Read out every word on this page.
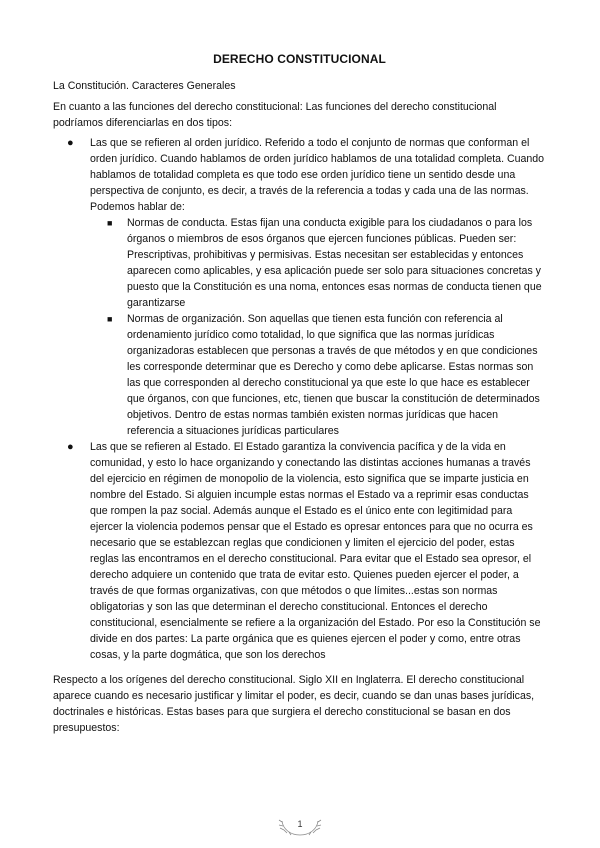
DERECHO CONSTITUCIONAL

La Constitución. Caracteres Generales

En cuanto a las funciones del derecho constitucional: Las funciones del derecho constitucional podríamos diferenciarlas en dos tipos:

● Las que se refieren al orden jurídico. Referido a todo el conjunto de normas que conforman el orden jurídico. Cuando hablamos de orden jurídico hablamos de una totalidad completa. Cuando hablamos de totalidad completa es que todo ese orden jurídico tiene un sentido desde una perspectiva de conjunto, es decir, a través de la referencia a todas y cada una de las normas. Podemos hablar de:
■ Normas de conducta. Estas fijan una conducta exigible para los ciudadanos o para los órganos o miembros de esos órganos que ejercen funciones públicas. Pueden ser: Prescriptivas, prohibitivas y permisivas. Estas necesitan ser establecidas y entonces aparecen como aplicables, y esa aplicación puede ser solo para situaciones concretas y puesto que la Constitución es una noma, entonces esas normas de conducta tienen que garantizarse
■ Normas de organización. Son aquellas que tienen esta función con referencia al ordenamiento jurídico como totalidad, lo que significa que las normas jurídicas organizadoras establecen que personas a través de que métodos y en que condiciones les corresponde determinar que es Derecho y como debe aplicarse. Estas normas son las que corresponden al derecho constitucional ya que este lo que hace es establecer que órganos, con que funciones, etc, tienen que buscar la constitución de determinados objetivos. Dentro de estas normas también existen normas jurídicas que hacen referencia a situaciones jurídicas particulares
● Las que se refieren al Estado. El Estado garantiza la convivencia pacífica y de la vida en comunidad, y esto lo hace organizando y conectando las distintas acciones humanas a través del ejercicio en régimen de monopolio de la violencia, esto significa que se imparte justicia en nombre del Estado. Si alguien incumple estas normas el Estado va a reprimir esas conductas que rompen la paz social. Además aunque el Estado es el único ente con legitimidad para ejercer la violencia podemos pensar que el Estado es opresar entonces para que no ocurra es necesario que se establezcan reglas que condicionen y limiten el ejercicio del poder, estas reglas las encontramos en el derecho constitucional. Para evitar que el Estado sea opresor, el derecho adquiere un contenido que trata de evitar esto. Quienes pueden ejercer el poder, a través de que formas organizativas, con que métodos o que límites...estas son normas obligatorias y son las que determinan el derecho constitucional. Entonces el derecho constitucional, esencialmente se refiere a la organización del Estado. Por eso la Constitución se divide en dos partes: La parte orgánica que es quienes ejercen el poder y como, entre otras cosas, y la parte dogmática, que son los derechos

Respecto a los orígenes del derecho constitucional. Siglo XII en Inglaterra. El derecho constitucional aparece cuando es necesario justificar y limitar el poder, es decir, cuando se dan unas bases jurídicas, doctrinales e históricas. Estas bases para que surgiera el derecho constitucional se basan en dos presupuestos:

1
